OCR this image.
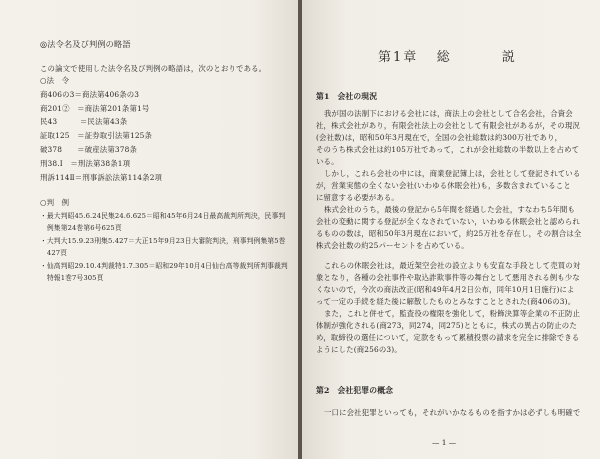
◎法令名及び判例の略語
この論文で使用した法令名及び判例の略語は，次のとおりである。
○法　令
商406の3＝商法第406条の3
商201②　＝商法第201条第1号
民43　　　＝民法第43条
証取125　＝証券取引法第125条
破378　　＝破産法第378条
刑38.Ⅰ　＝刑法第38条1項
刑訴114Ⅱ＝刑事訴訟法第114条2項
○判　例
・最大判昭45.6.24民集24.6.625＝昭和45年6月24日最高裁判所判決，民事判
　例集第24巻第6号625頁
・大判大15.9.23刑集5.427＝大正15年9月23日大審院判決，刑事判例集第5巻
　427頁
・仙高判昭29.10.4判裁特1.7.305＝昭和29年10月4日仙台高等裁判所判事裁判
　特報1巻7号305頁
第1章 総	説
第1　会社の現況
我が国の法制下における会社には，商法上の会社として合名会社，合資会
社，株式会社があり，有限会社法上の会社として有限会社があるが，その現況
(会社数)は，昭和50年3月現在で，全国の会社総数は約300万社であり，
そのうち株式会社は約105万社であって，これが会社総数の半数以上を占めて
いる。
しかし，これら会社の中には，商業登記簿上は，会社として登記されている
が，営業実態の全くない会社(いわゆる休眠会社)も，多数含まれていること
に留意する必要がある。
株式会社のうち，最後の登記から5年間を経過した会社，すなわち5年間も
会社の変動に関する登記が全くなされていない，いわゆる休眠会社と認められ
るものの数は，昭和50年3月現在において，約25万社を存在し，その割合は全
株式会社数の約25パーセントを占めている。
これらの休眠会社は，最近架空会社の設立よりも安直な手段として売買の対
象となり，各種の会社事件や取込詐欺事件等の舞台として悪用される例も少な
くないので，今次の商法改正(昭和49年4月2日公布，同年10月1日施行)によ
って一定の手続を経た後に解散したものとみなすこととされた(商406の3)。
また，これと併せて，監査役の権限を強化して，粉飾決算等企業の不正防止
体制が強化される(商273，同274，同275)とともに，株式の異占の防止のた
め，取締役の選任について，定款をもって累積投票の請求を完全に排除できる
ようにした(商256の3)。
第2　会社犯罪の概念
一口に会社犯罪といっても，それがいかなるものを指すかは必ずしも明確で
— 1 —
